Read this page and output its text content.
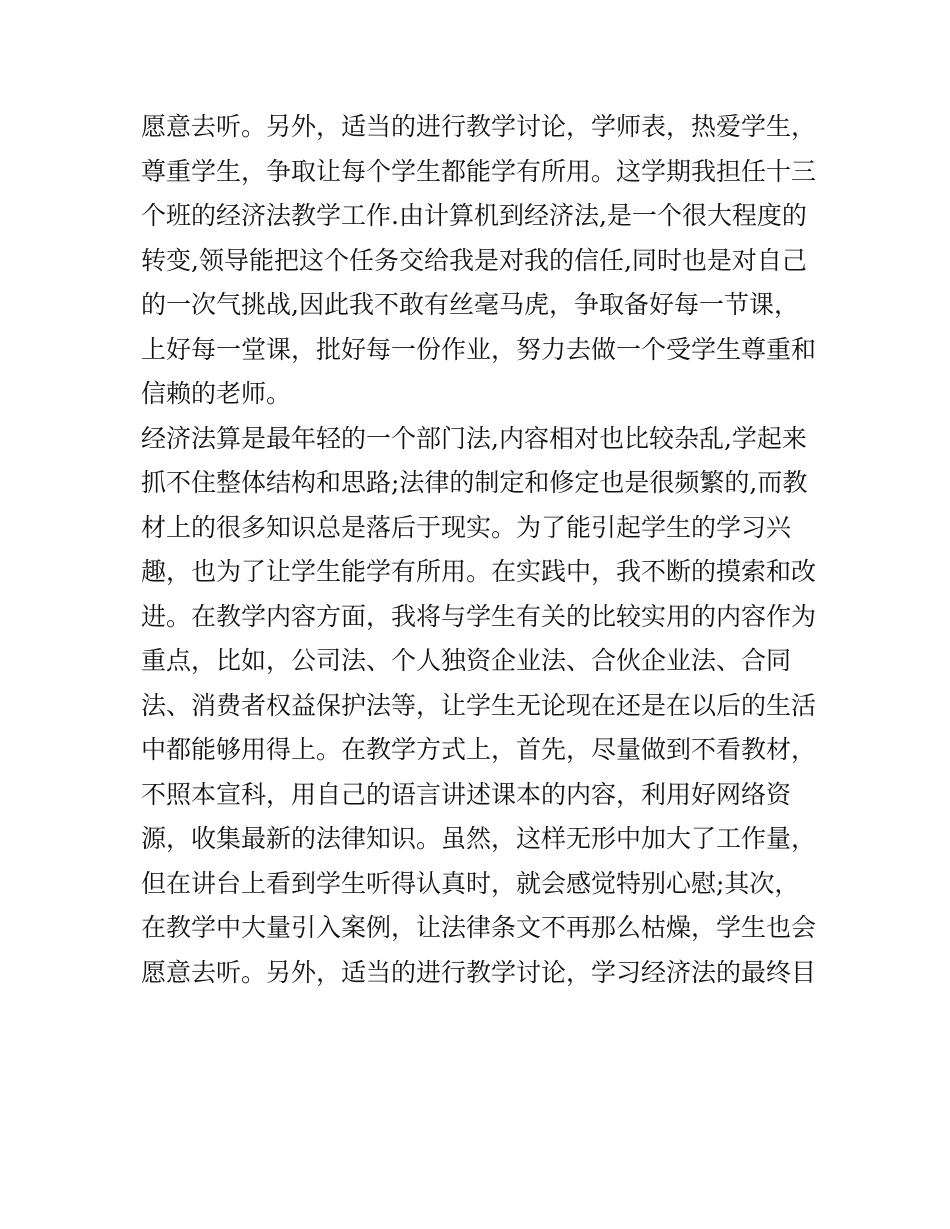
愿意去听。另外，适当的进行教学讨论，学师表，热爱学生，

尊重学生，争取让每个学生都能学有所用。这学期我担任十三

个班的经济法教学工作.由计算机到经济法,是一个很大程度的

转变,领导能把这个任务交给我是对我的信任,同时也是对自己

的一次气挑战,因此我不敢有丝毫马虎，争取备好每一节课，

上好每一堂课，批好每一份作业，努力去做一个受学生尊重和

信赖的老师。

经济法算是最年轻的一个部门法,内容相对也比较杂乱,学起来

抓不住整体结构和思路;法律的制定和修定也是很频繁的,而教

材上的很多知识总是落后于现实。为了能引起学生的学习兴

趣，也为了让学生能学有所用。在实践中，我不断的摸索和改

进。在教学内容方面，我将与学生有关的比较实用的内容作为

重点，比如，公司法、个人独资企业法、合伙企业法、合同

法、消费者权益保护法等，让学生无论现在还是在以后的生活

中都能够用得上。在教学方式上，首先，尽量做到不看教材，

不照本宣科，用自己的语言讲述课本的内容，利用好网络资

源，收集最新的法律知识。虽然，这样无形中加大了工作量，

但在讲台上看到学生听得认真时，就会感觉特别心慰;其次，

在教学中大量引入案例，让法律条文不再那么枯燥，学生也会

愿意去听。另外，适当的进行教学讨论，学习经济法的最终目
